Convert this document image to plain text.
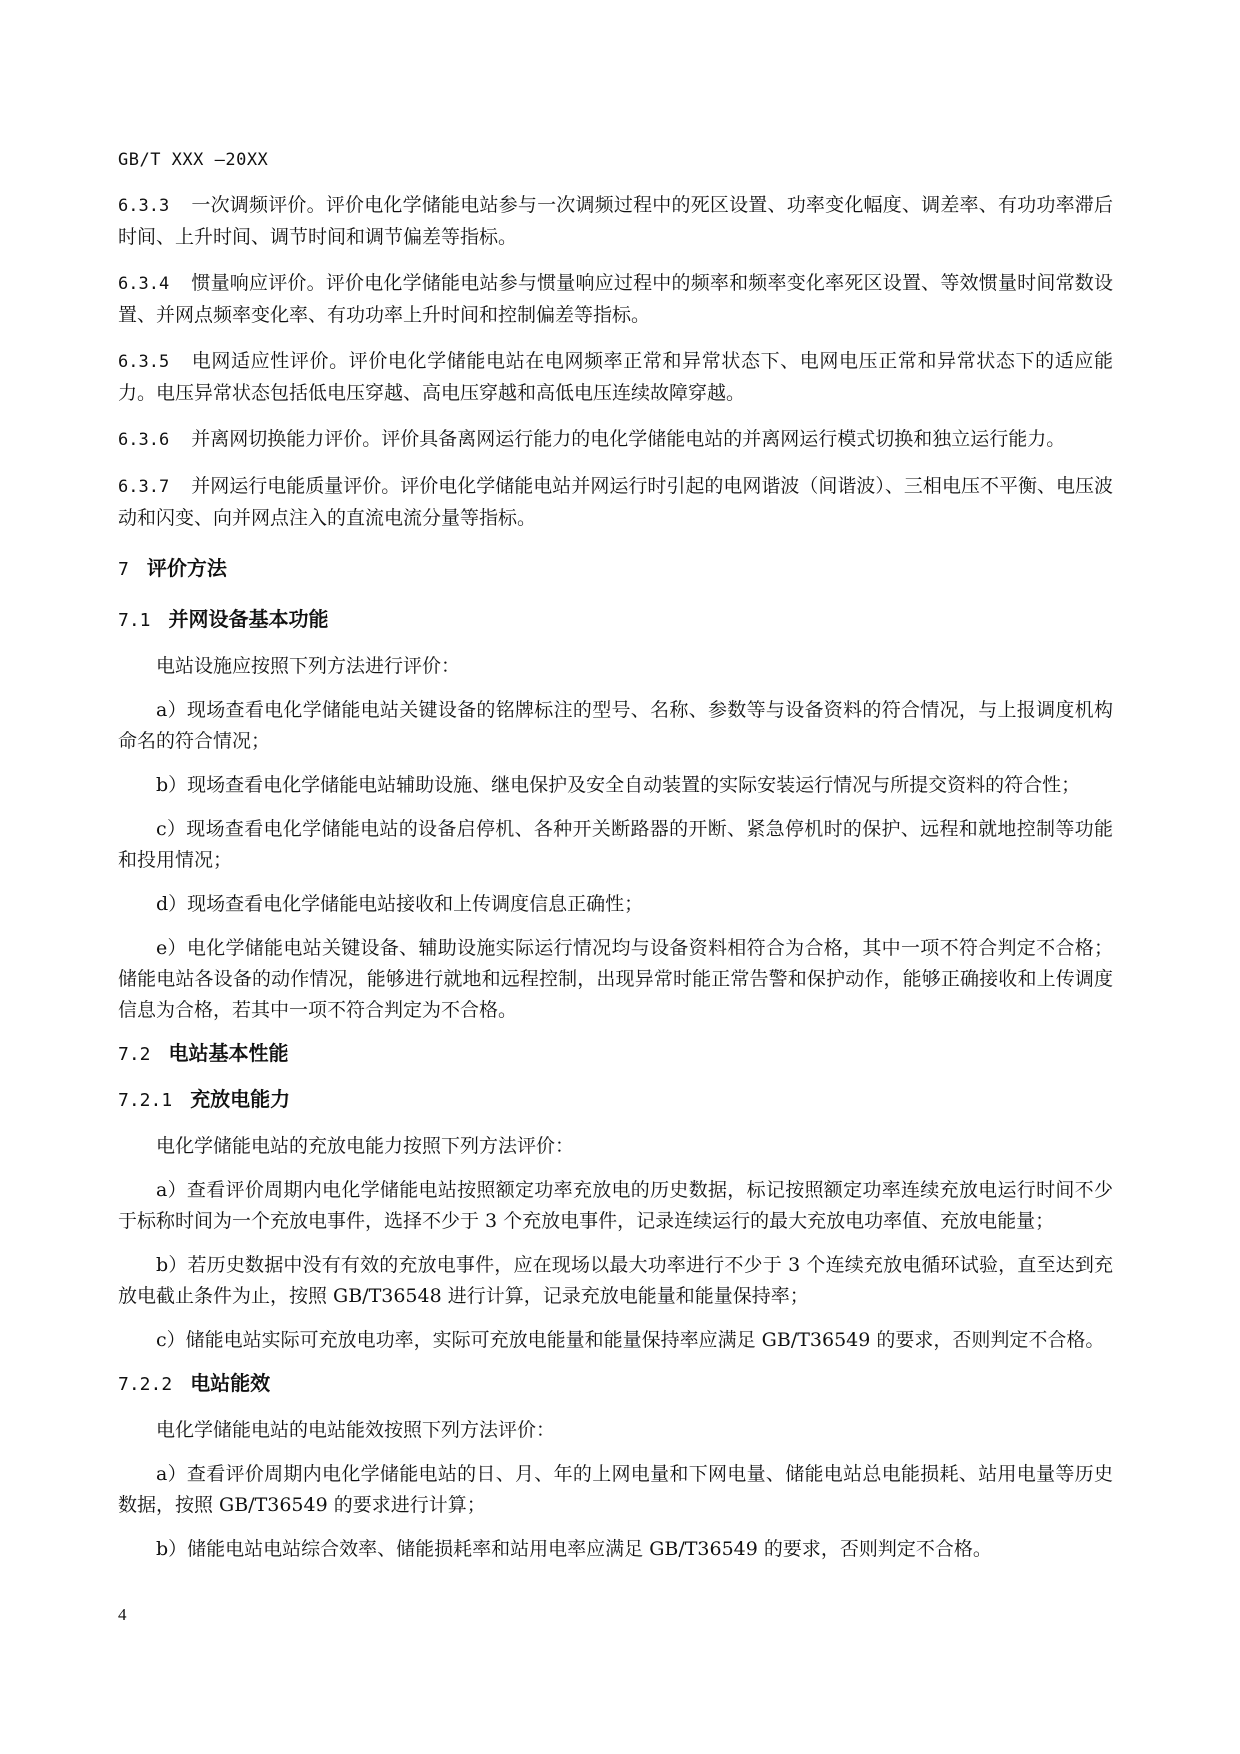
GB/T XXX —20XX

6.3.3 一次调频评价。评价电化学储能电站参与一次调频过程中的死区设置、功率变化幅度、调差率、有功功率滞后时间、上升时间、调节时间和调节偏差等指标。

6.3.4 惯量响应评价。评价电化学储能电站参与惯量响应过程中的频率和频率变化率死区设置、等效惯量时间常数设置、并网点频率变化率、有功功率上升时间和控制偏差等指标。

6.3.5 电网适应性评价。评价电化学储能电站在电网频率正常和异常状态下、电网电压正常和异常状态下的适应能力。电压异常状态包括低电压穿越、高电压穿越和高低电压连续故障穿越。

6.3.6 并离网切换能力评价。评价具备离网运行能力的电化学储能电站的并离网运行模式切换和独立运行能力。

6.3.7 并网运行电能质量评价。评价电化学储能电站并网运行时引起的电网谐波（间谐波）、三相电压不平衡、电压波动和闪变、向并网点注入的直流电流分量等指标。

7 评价方法
7.1 并网设备基本功能

电站设施应按照下列方法进行评价：

a）现场查看电化学储能电站关键设备的铭牌标注的型号、名称、参数等与设备资料的符合情况，与上报调度机构命名的符合情况；

b）现场查看电化学储能电站辅助设施、继电保护及安全自动装置的实际安装运行情况与所提交资料的符合性；

c）现场查看电化学储能电站的设备启停机、各种开关断路器的开断、紧急停机时的保护、远程和就地控制等功能和投用情况；

d）现场查看电化学储能电站接收和上传调度信息正确性；

e）电化学储能电站关键设备、辅助设施实际运行情况均与设备资料相符合为合格，其中一项不符合判定不合格；储能电站各设备的动作情况，能够进行就地和远程控制，出现异常时能正常告警和保护动作，能够正确接收和上传调度信息为合格，若其中一项不符合判定为不合格。

7.2 电站基本性能
7.2.1 充放电能力

电化学储能电站的充放电能力按照下列方法评价：

a）查看评价周期内电化学储能电站按照额定功率充放电的历史数据，标记按照额定功率连续充放电运行时间不少于标称时间为一个充放电事件，选择不少于 3 个充放电事件，记录连续运行的最大充放电功率值、充放电能量；

b）若历史数据中没有有效的充放电事件，应在现场以最大功率进行不少于 3 个连续充放电循环试验，直至达到充放电截止条件为止，按照 GB/T36548 进行计算，记录充放电能量和能量保持率；

c）储能电站实际可充放电功率，实际可充放电能量和能量保持率应满足 GB/T36549 的要求，否则判定不合格。

7.2.2 电站能效

电化学储能电站的电站能效按照下列方法评价：

a）查看评价周期内电化学储能电站的日、月、年的上网电量和下网电量、储能电站总电能损耗、站用电量等历史数据，按照 GB/T36549 的要求进行计算；

b）储能电站电站综合效率、储能损耗率和站用电率应满足 GB/T36549 的要求，否则判定不合格。

4
